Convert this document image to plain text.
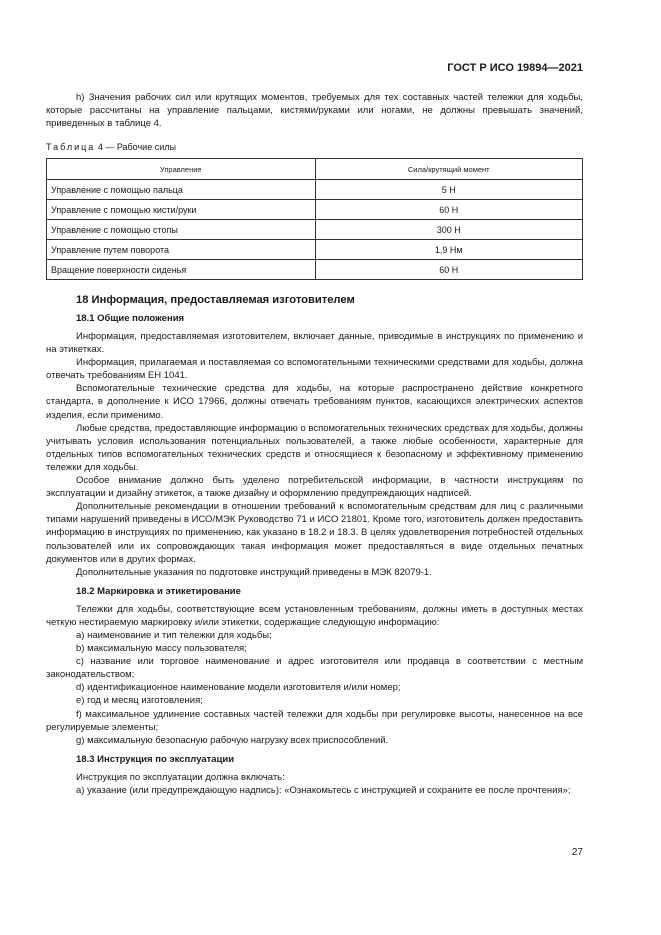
ГОСТ Р ИСО 19894—2021

h) Значения рабочих сил или крутящих моментов, требуемых для тех составных частей тележки для ходьбы, которые рассчитаны на управление пальцами, кистями/руками или ногами, не должны превышать значений, приведенных в таблице 4.

Таблица 4 — Рабочие силы
Управление	Сила/крутящий момент
Управление с помощью пальца	5 Н
Управление с помощью кисти/руки	60 Н
Управление с помощью стопы	300 Н
Управление путем поворота	1,9 Нм
Вращение поверхности сиденья	60 Н

18 Информация, предоставляемая изготовителем

18.1 Общие положения

Информация, предоставляемая изготовителем, включает данные, приводимые в инструкциях по применению и на этикетках.

Информация, прилагаемая и поставляемая со вспомогательными техническими средствами для ходьбы, должна отвечать требованиям ЕН 1041.

Вспомогательные технические средства для ходьбы, на которые распространено действие конкретного стандарта, в дополнение к ИСО 17966, должны отвечать требованиям пунктов, касающихся электрических аспектов изделия, если применимо.

Любые средства, предоставляющие информацию о вспомогательных технических средствах для ходьбы, должны учитывать условия использования потенциальных пользователей, а также любые особенности, характерные для отдельных типов вспомогательных технических средств и относящиеся к безопасному и эффективному применению тележки для ходьбы.

Особое внимание должно быть уделено потребительской информации, в частности инструкциям по эксплуатации и дизайну этикеток, а также дизайну и оформлению предупреждающих надписей.

Дополнительные рекомендации в отношении требований к вспомогательным средствам для лиц с различными типами нарушений приведены в ИСО/МЭК Руководство 71 и ИСО 21801. Кроме того, изготовитель должен предоставить информацию в инструкциях по применению, как указано в 18.2 и 18.3. В целях удовлетворения потребностей отдельных пользователей или их сопровождающих такая информация может предоставляться в виде отдельных печатных документов или в других формах.

Дополнительные указания по подготовке инструкций приведены в МЭК 82079-1.

18.2 Маркировка и этикетирование

Тележки для ходьбы, соответствующие всем установленным требованиям, должны иметь в доступных местах четкую нестираемую маркировку и/или этикетки, содержащие следующую информацию:

a) наименование и тип тележки для ходьбы;

b) максимальную массу пользователя;

c) название или торговое наименование и адрес изготовителя или продавца в соответствии с местным законодательством;

d) идентификационное наименование модели изготовителя и/или номер;

e) год и месяц изготовления;

f) максимальное удлинение составных частей тележки для ходьбы при регулировке высоты, нанесенное на все регулируемые элементы;

g) максимальную безопасную рабочую нагрузку всех приспособлений.

18.3 Инструкция по эксплуатации

Инструкция по эксплуатации должна включать:

a) указание (или предупреждающую надпись): «Ознакомьтесь с инструкцией и сохраните ее после прочтения»;

27
